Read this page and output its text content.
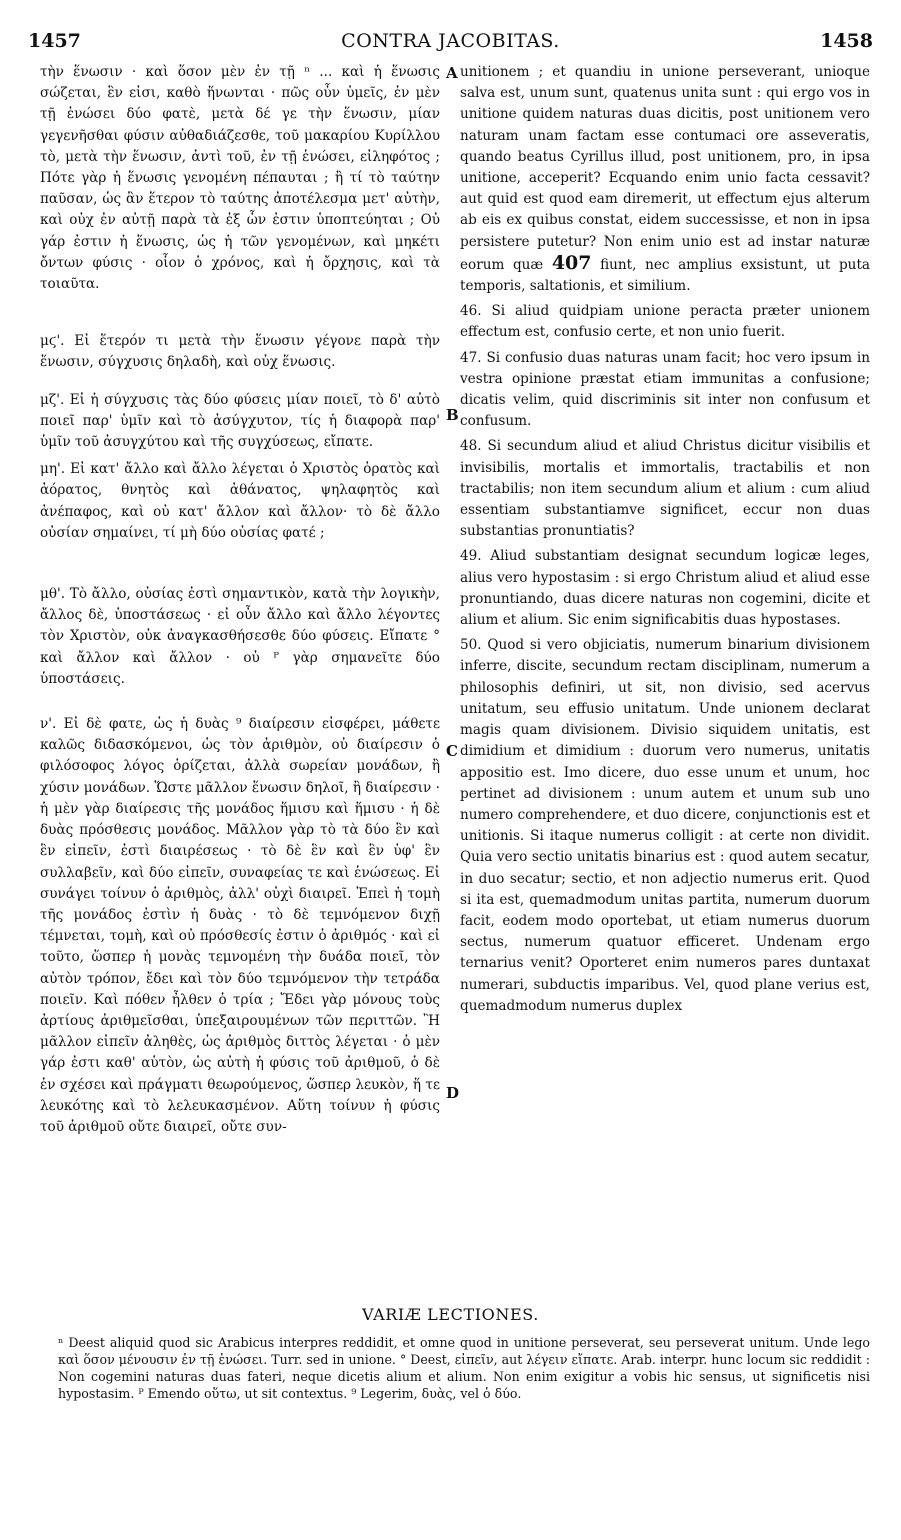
1457	CONTRA JACOBITAS.	1458

τὴν ἕνωσιν · καὶ ὅσον μὲν ἐν τῇ ⁿ ... καὶ ἡ ἕνωσις σώζεται, ἓν εἰσι, καθὸ ἥνωνται · πῶς οὖν ὑμεῖς, ἐν μὲν τῇ ἑνώσει δύο φατὲ, μετὰ δέ γε τὴν ἕνωσιν, μίαν γεγενῆσθαι φύσιν αὐθαδιάζεσθε, τοῦ μακαρίου Κυρίλλου τὸ, μετὰ τὴν ἕνωσιν, ἀντὶ τοῦ, ἐν τῇ ἑνώσει, εἰληφότος ; Πότε γὰρ ἡ ἕνωσις γενομένη πέπαυται ; ἢ τί τὸ ταύτην παῦσαν, ὡς ἂν ἕτερον τὸ ταύτης ἀποτέλεσμα μετ' αὐτὴν, καὶ οὐχ ἐν αὐτῇ παρὰ τὰ ἐξ ὧν ἐστιν ὑποπτεύηται ; Οὐ γάρ ἐστιν ἡ ἕνωσις, ὡς ἡ τῶν γενομένων, καὶ μηκέτι ὄντων φύσις · οἷον ὁ χρόνος, καὶ ἡ ὄρχησις, καὶ τὰ τοιαῦτα.

μϛ'. Εἰ ἕτερόν τι μετὰ τὴν ἕνωσιν γέγονε παρὰ τὴν ἕνωσιν, σύγχυσις δηλαδὴ, καὶ οὐχ ἕνωσις.

μζ'. Εἰ ἡ σύγχυσις τὰς δύο φύσεις μίαν ποιεῖ, τὸ δ' αὐτὸ ποιεῖ παρ' ὑμῖν καὶ τὸ ἀσύγχυτον, τίς ἡ διαφορὰ παρ' ὑμῖν τοῦ ἀσυγχύτου καὶ τῆς συγχύσεως, εἴπατε.

μη'. Εἰ κατ' ἄλλο καὶ ἄλλο λέγεται ὁ Χριστὸς ὁρατὸς καὶ ἀόρατος, θνητὸς καὶ ἀθάνατος, ψηλαφητὸς καὶ ἀνέπαφος, καὶ οὐ κατ' ἄλλον καὶ ἄλλον· τὸ δὲ ἄλλο οὐσίαν σημαίνει, τί μὴ δύο οὐσίας φατέ ;

μθ'. Τὸ ἄλλο, οὐσίας ἐστὶ σημαντικὸν, κατὰ τὴν λογικὴν, ἄλλος δὲ, ὑποστάσεως · εἰ οὖν ἄλλο καὶ ἄλλο λέγοντες τὸν Χριστὸν, οὐκ ἀναγκασθήσεσθε δύο φύσεις. Εἴπατε ° καὶ ἄλλον καὶ ἄλλον · οὐ ᴾ γὰρ σημανεῖτε δύο ὑποστάσεις.

ν'. Εἰ δὲ φατε, ὡς ἡ δυὰς ⁹ διαίρεσιν εἰσφέρει, μάθετε καλῶς διδασκόμενοι, ὡς τὸν ἀριθμὸν, οὐ διαίρεσιν ὁ φιλόσοφος λόγος ὁρίζεται, ἀλλὰ σωρείαν μονάδων, ἢ χύσιν μονάδων. Ὥστε μᾶλλον ἕνωσιν δηλοῖ, ἢ διαίρεσιν · ἡ μὲν γὰρ διαίρεσις τῆς μονάδος ἥμισυ καὶ ἥμισυ · ἡ δὲ δυὰς πρόσθεσις μονάδος. Μᾶλλον γὰρ τὸ τὰ δύο ἓν καὶ ἓν εἰπεῖν, ἐστὶ διαιρέσεως · τὸ δὲ ἓν καὶ ἓν ὑφ' ἓν συλλαβεῖν, καὶ δύο εἰπεῖν, συναφείας τε καὶ ἑνώσεως. Εἰ συνάγει τοίνυν ὁ ἀριθμὸς, ἀλλ' οὐχὶ διαιρεῖ. Ἐπεὶ ἡ τομὴ τῆς μονάδος ἐστὶν ἡ δυὰς · τὸ δὲ τεμνόμενον διχῇ τέμνεται, τομὴ, καὶ οὐ πρόσθεσίς ἐστιν ὁ ἀριθμός · καὶ εἰ τοῦτο, ὥσπερ ἡ μονὰς τεμνομένη τὴν δυάδα ποιεῖ, τὸν αὐτὸν τρόπον, ἔδει καὶ τὸν δύο τεμνόμενον τὴν τετράδα ποιεῖν. Καὶ πόθεν ἦλθεν ὁ τρία ; Ἔδει γὰρ μόνους τοὺς ἀρτίους ἀριθμεῖσθαι, ὑπεξαιρουμένων τῶν περιττῶν. Ἢ μᾶλλον εἰπεῖν ἀληθὲς, ὡς ἀριθμὸς διττὸς λέγεται · ὁ μὲν γάρ ἐστι καθ' αὑτὸν, ὡς αὐτὴ ἡ φύσις τοῦ ἀριθμοῦ, ὁ δὲ ἐν σχέσει καὶ πράγματι θεωρούμενος, ὥσπερ λευκὸν, ἥ τε λευκότης καὶ τὸ λελευκασμένον. Αὕτη τοίνυν ἡ φύσις τοῦ ἀριθμοῦ οὔτε διαιρεῖ, οὔτε συν-

A
B
C
D

unitionem ; et quandiu in unione perseverant, unioque salva est, unum sunt, quatenus unita sunt : qui ergo vos in unitione quidem naturas duas dicitis, post unitionem vero naturam unam factam esse contumaci ore asseveratis, quando beatus Cyrillus illud, post unitionem, pro, in ipsa unitione, acceperit? Ecquando enim unio facta cessavit? aut quid est quod eam diremerit, ut effectum ejus alterum ab eis ex quibus constat, eidem successisse, et non in ipsa persistere putetur? Non enim unio est ad instar naturæ eorum quæ 407 fiunt, nec amplius exsistunt, ut puta temporis, saltationis, et similium.

46. Si aliud quidpiam unione peracta præter unionem effectum est, confusio certe, et non unio fuerit.

47. Si confusio duas naturas unam facit; hoc vero ipsum in vestra opinione præstat etiam immunitas a confusione; dicatis velim, quid discriminis sit inter non confusum et confusum.

48. Si secundum aliud et aliud Christus dicitur visibilis et invisibilis, mortalis et immortalis, tractabilis et non tractabilis; non item secundum alium et alium : cum aliud essentiam substantiamve significet, eccur non duas substantias pronuntiatis?

49. Aliud substantiam designat secundum logicæ leges, alius vero hypostasim : si ergo Christum aliud et aliud esse pronuntiando, duas dicere naturas non cogemini, dicite et alium et alium. Sic enim significabitis duas hypostases.

50. Quod si vero objiciatis, numerum binarium divisionem inferre, discite, secundum rectam disciplinam, numerum a philosophis definiri, ut sit, non divisio, sed acervus unitatum, seu effusio unitatum. Unde unionem declarat magis quam divisionem. Divisio siquidem unitatis, est dimidium et dimidium : duorum vero numerus, unitatis appositio est. Imo dicere, duo esse unum et unum, hoc pertinet ad divisionem : unum autem et unum sub uno numero comprehendere, et duo dicere, conjunctionis est et unitionis. Si itaque numerus colligit : at certe non dividit. Quia vero sectio unitatis binarius est : quod autem secatur, in duo secatur; sectio, et non adjectio numerus erit. Quod si ita est, quemadmodum unitas partita, numerum duorum facit, eodem modo oportebat, ut etiam numerus duorum sectus, numerum quatuor efficeret. Undenam ergo ternarius venit? Oporteret enim numeros pares duntaxat numerari, subductis imparibus. Vel, quod plane verius est, quemadmodum numerus duplex

VARIÆ LECTIONES.
ⁿ Deest aliquid quod sic Arabicus interpres reddidit, et omne quod in unitione perseverat, seu perseverat unitum. Unde lego καὶ ὅσον μένουσιν ἐν τῇ ἑνώσει. Turr. sed in unione. ° Deest, εἰπεῖν, aut λέγειν εἴπατε. Arab. interpr. hunc locum sic reddidit : Non cogemini naturas duas fateri, neque dicetis alium et alium. Non enim exigitur a vobis hic sensus, ut significetis nisi hypostasim. ᴾ Emendo οὕτω, ut sit contextus. ⁹ Legerim, δυὰς, vel ὁ δύο.
